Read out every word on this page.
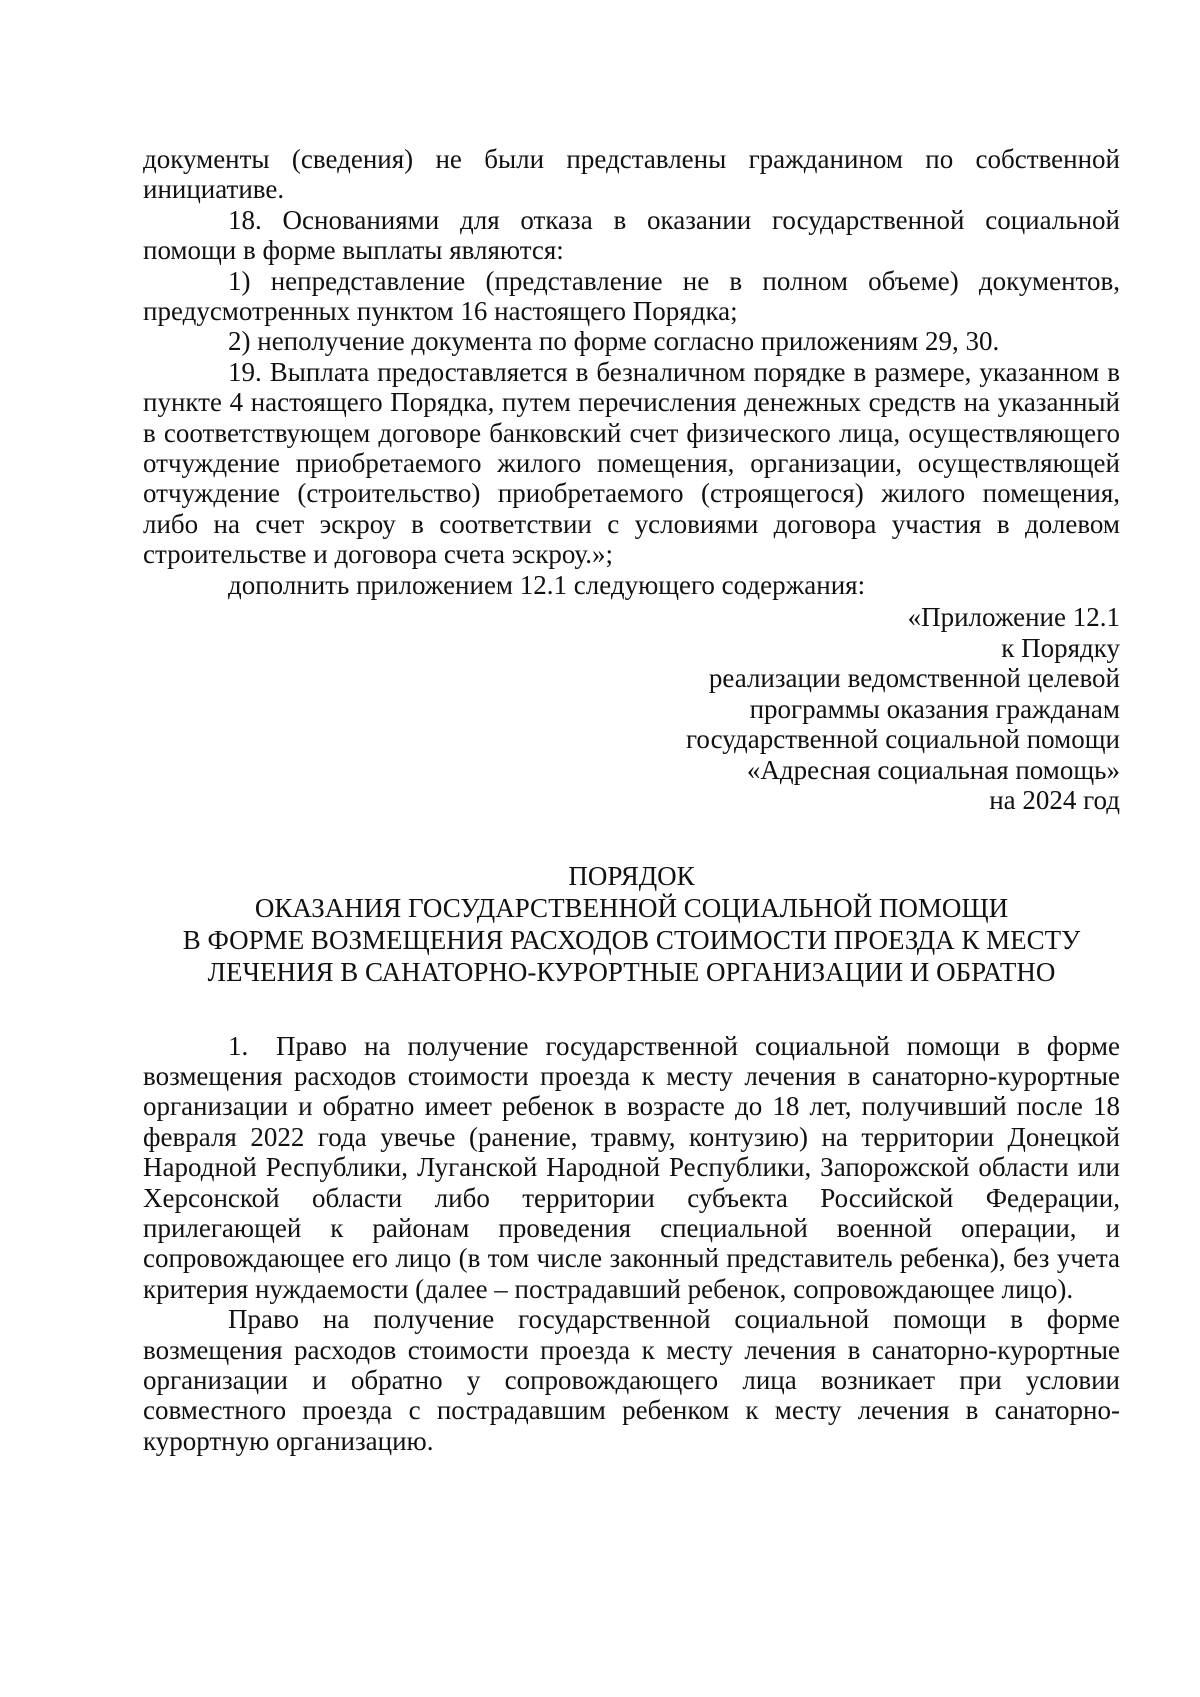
документы (сведения) не были представлены гражданином по собственной инициативе.

18. Основаниями для отказа в оказании государственной социальной помощи в форме выплаты являются:

1) непредставление (представление не в полном объеме) документов, предусмотренных пунктом 16 настоящего Порядка;

2) неполучение документа по форме согласно приложениям 29, 30.

19. Выплата предоставляется в безналичном порядке в размере, указанном в пункте 4 настоящего Порядка, путем перечисления денежных средств на указанный в соответствующем договоре банковский счет физического лица, осуществляющего отчуждение приобретаемого жилого помещения, организации, осуществляющей отчуждение (строительство) приобретаемого (строящегося) жилого помещения, либо на счет эскроу в соответствии с условиями договора участия в долевом строительстве и договора счета эскроу.»;

дополнить приложением 12.1 следующего содержания:

«Приложение 12.1
к Порядку
реализации ведомственной целевой
программы оказания гражданам
государственной социальной помощи
«Адресная социальная помощь»
на 2024 год
ПОРЯДОК
ОКАЗАНИЯ ГОСУДАРСТВЕННОЙ СОЦИАЛЬНОЙ ПОМОЩИ
В ФОРМЕ ВОЗМЕЩЕНИЯ РАСХОДОВ СТОИМОСТИ ПРОЕЗДА К МЕСТУ
ЛЕЧЕНИЯ В САНАТОРНО-КУРОРТНЫЕ ОРГАНИЗАЦИИ И ОБРАТНО

1. Право на получение государственной социальной помощи в форме возмещения расходов стоимости проезда к месту лечения в санаторно-курортные организации и обратно имеет ребенок в возрасте до 18 лет, получивший после 18 февраля 2022 года увечье (ранение, травму, контузию) на территории Донецкой Народной Республики, Луганской Народной Республики, Запорожской области или Херсонской области либо территории субъекта Российской Федерации, прилегающей к районам проведения специальной военной операции, и сопровождающее его лицо (в том числе законный представитель ребенка), без учета критерия нуждаемости (далее – пострадавший ребенок, сопровождающее лицо).

Право на получение государственной социальной помощи в форме возмещения расходов стоимости проезда к месту лечения в санаторно-курортные организации и обратно у сопровождающего лица возникает при условии совместного проезда с пострадавшим ребенком к месту лечения в санаторно-курортную организацию.
